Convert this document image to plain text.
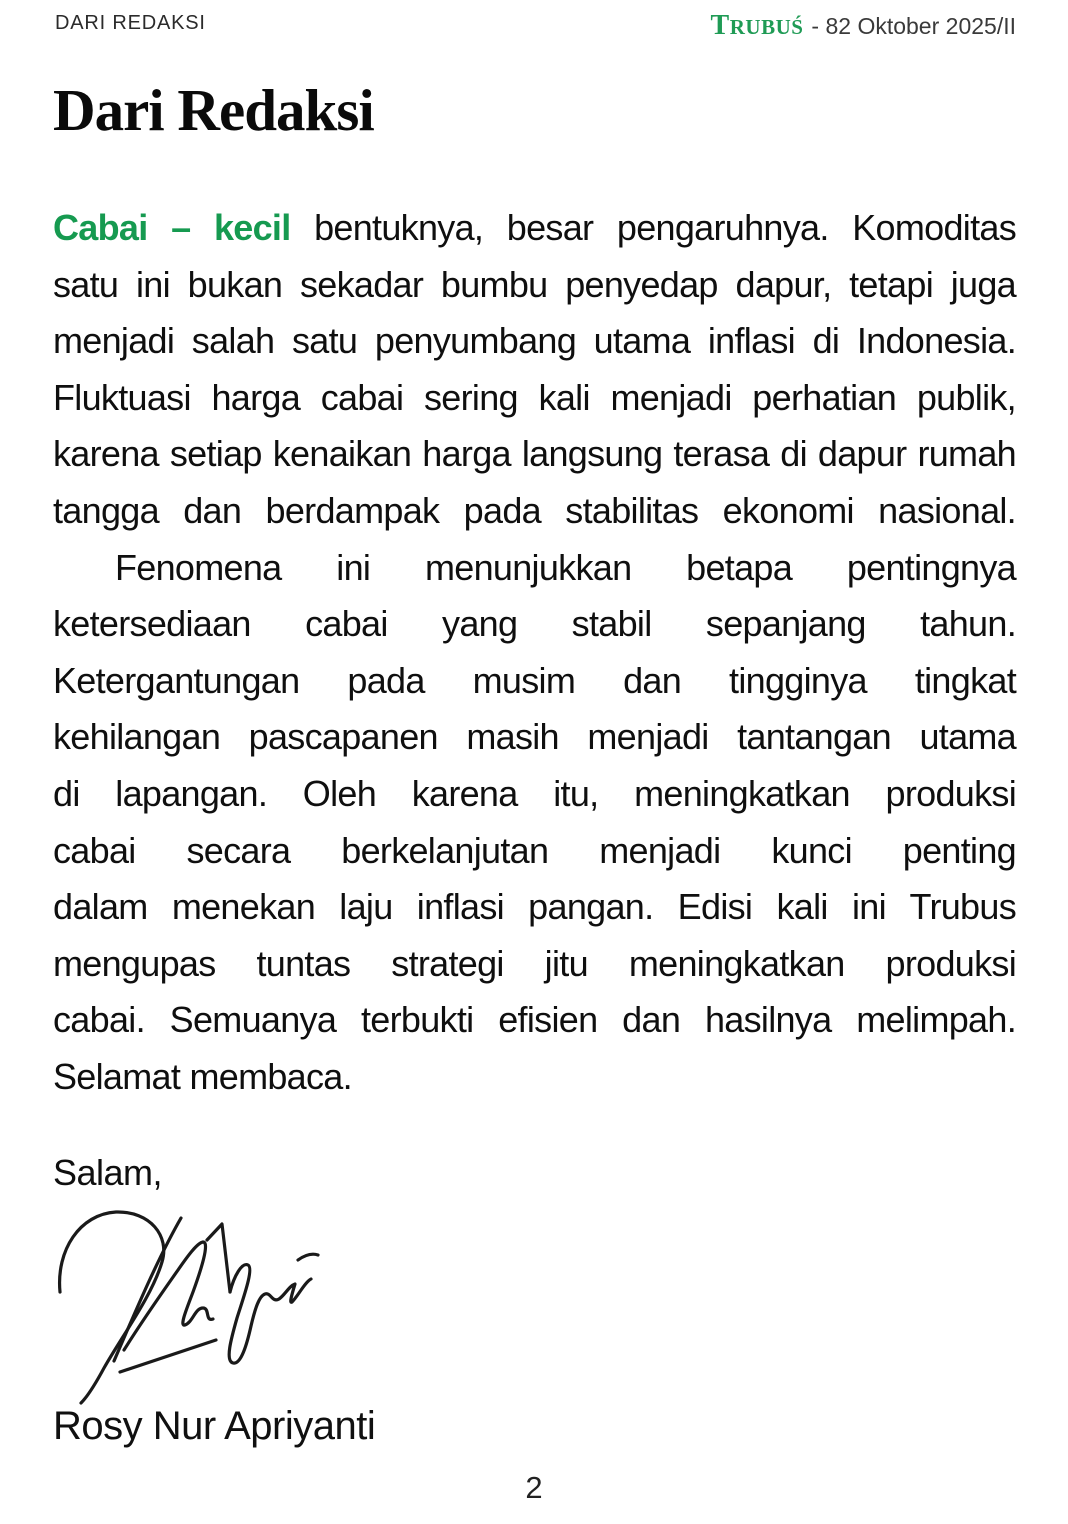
DARI REDAKSI	TRUBUŚ - 82 Oktober 2025/II
Dari Redaksi
Cabai – kecil bentuknya, besar pengaruhnya. Komoditas
satu ini bukan sekadar bumbu penyedap dapur, tetapi juga
menjadi salah satu penyumbang utama inflasi di Indonesia.
Fluktuasi harga cabai sering kali menjadi perhatian publik,
karena setiap kenaikan harga langsung terasa di dapur rumah
tangga dan berdampak pada stabilitas ekonomi nasional.
Fenomena ini menunjukkan betapa pentingnya
ketersediaan cabai yang stabil sepanjang tahun.
Ketergantungan pada musim dan tingginya tingkat
kehilangan pascapanen masih menjadi tantangan utama
di lapangan. Oleh karena itu, meningkatkan produksi
cabai secara berkelanjutan menjadi kunci penting
dalam menekan laju inflasi pangan. Edisi kali ini Trubus
mengupas tuntas strategi jitu meningkatkan produksi
cabai. Semuanya terbukti efisien dan hasilnya melimpah.
Selamat membaca.
Salam,
Rosy Nur Apriyanti
2
